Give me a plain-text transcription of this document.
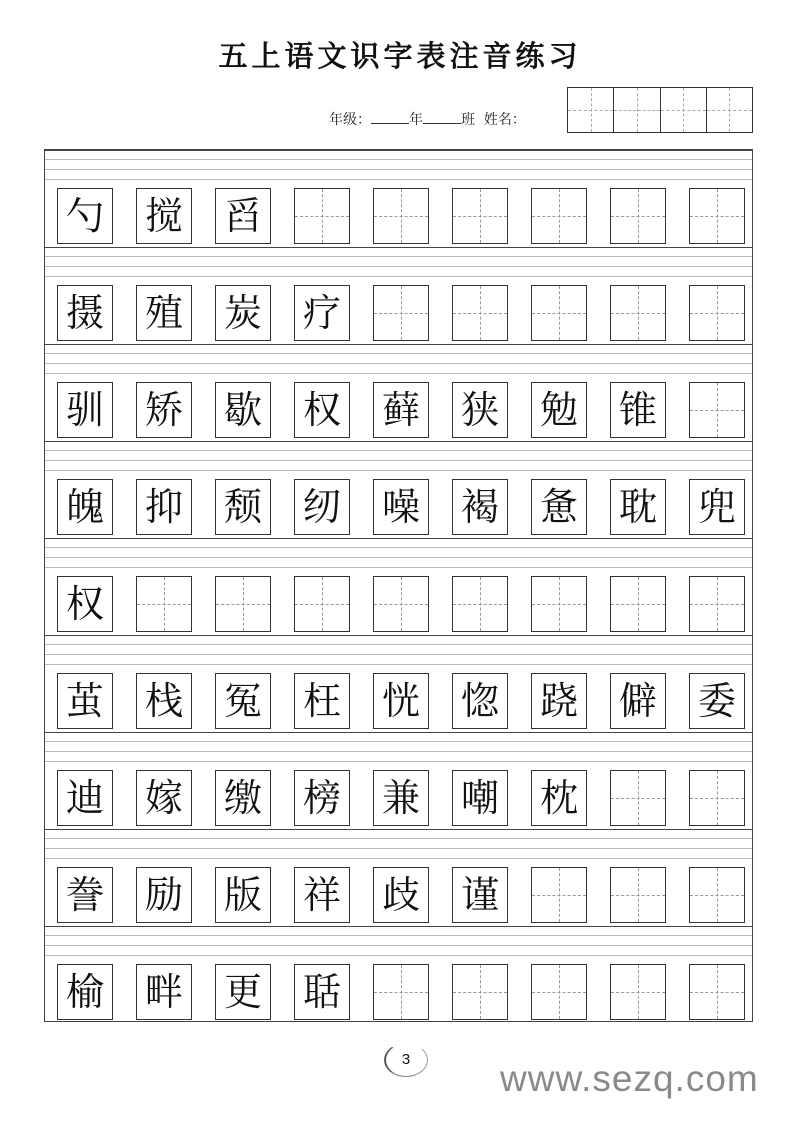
五上语文识字表注音练习
年级：	年	班 姓名：
勺 搅 舀
摄 殖 炭 疗
驯 矫 歇 权 藓 狭 勉 锥
魄 抑 颓 纫 噪 褐 惫 耽 兜
权
茧 栈 冤 枉 恍 惚 跷 僻 委
迪 嫁 缴 榜 兼 嘲 枕
誊 励 版 祥 歧 谨
榆 畔 更 聒
3	www.sezq.com
